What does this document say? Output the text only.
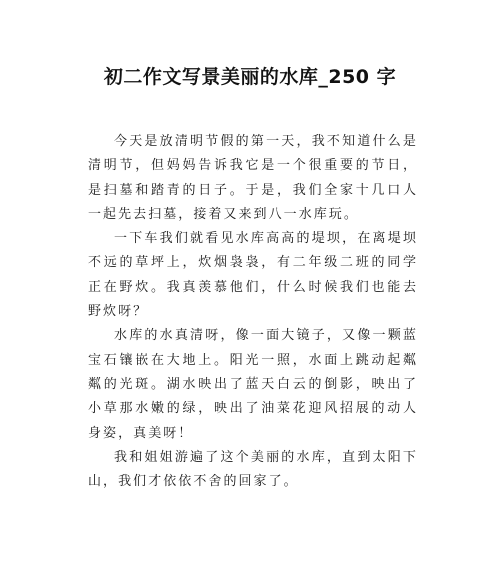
初二作文写景美丽的水库_250 字

今天是放清明节假的第一天，我不知道什么是清明节，但妈妈告诉我它是一个很重要的节日，是扫墓和踏青的日子。于是，我们全家十几口人一起先去扫墓，接着又来到八一水库玩。

一下车我们就看见水库高高的堤坝，在离堤坝不远的草坪上，炊烟袅袅，有二年级二班的同学正在野炊。我真羡慕他们，什么时候我们也能去野炊呀？

水库的水真清呀，像一面大镜子，又像一颗蓝宝石镶嵌在大地上。阳光一照，水面上跳动起粼粼的光斑。湖水映出了蓝天白云的倒影，映出了小草那水嫩的绿，映出了油菜花迎风招展的动人身姿，真美呀！

我和姐姐游遍了这个美丽的水库，直到太阳下山，我们才依依不舍的回家了。
